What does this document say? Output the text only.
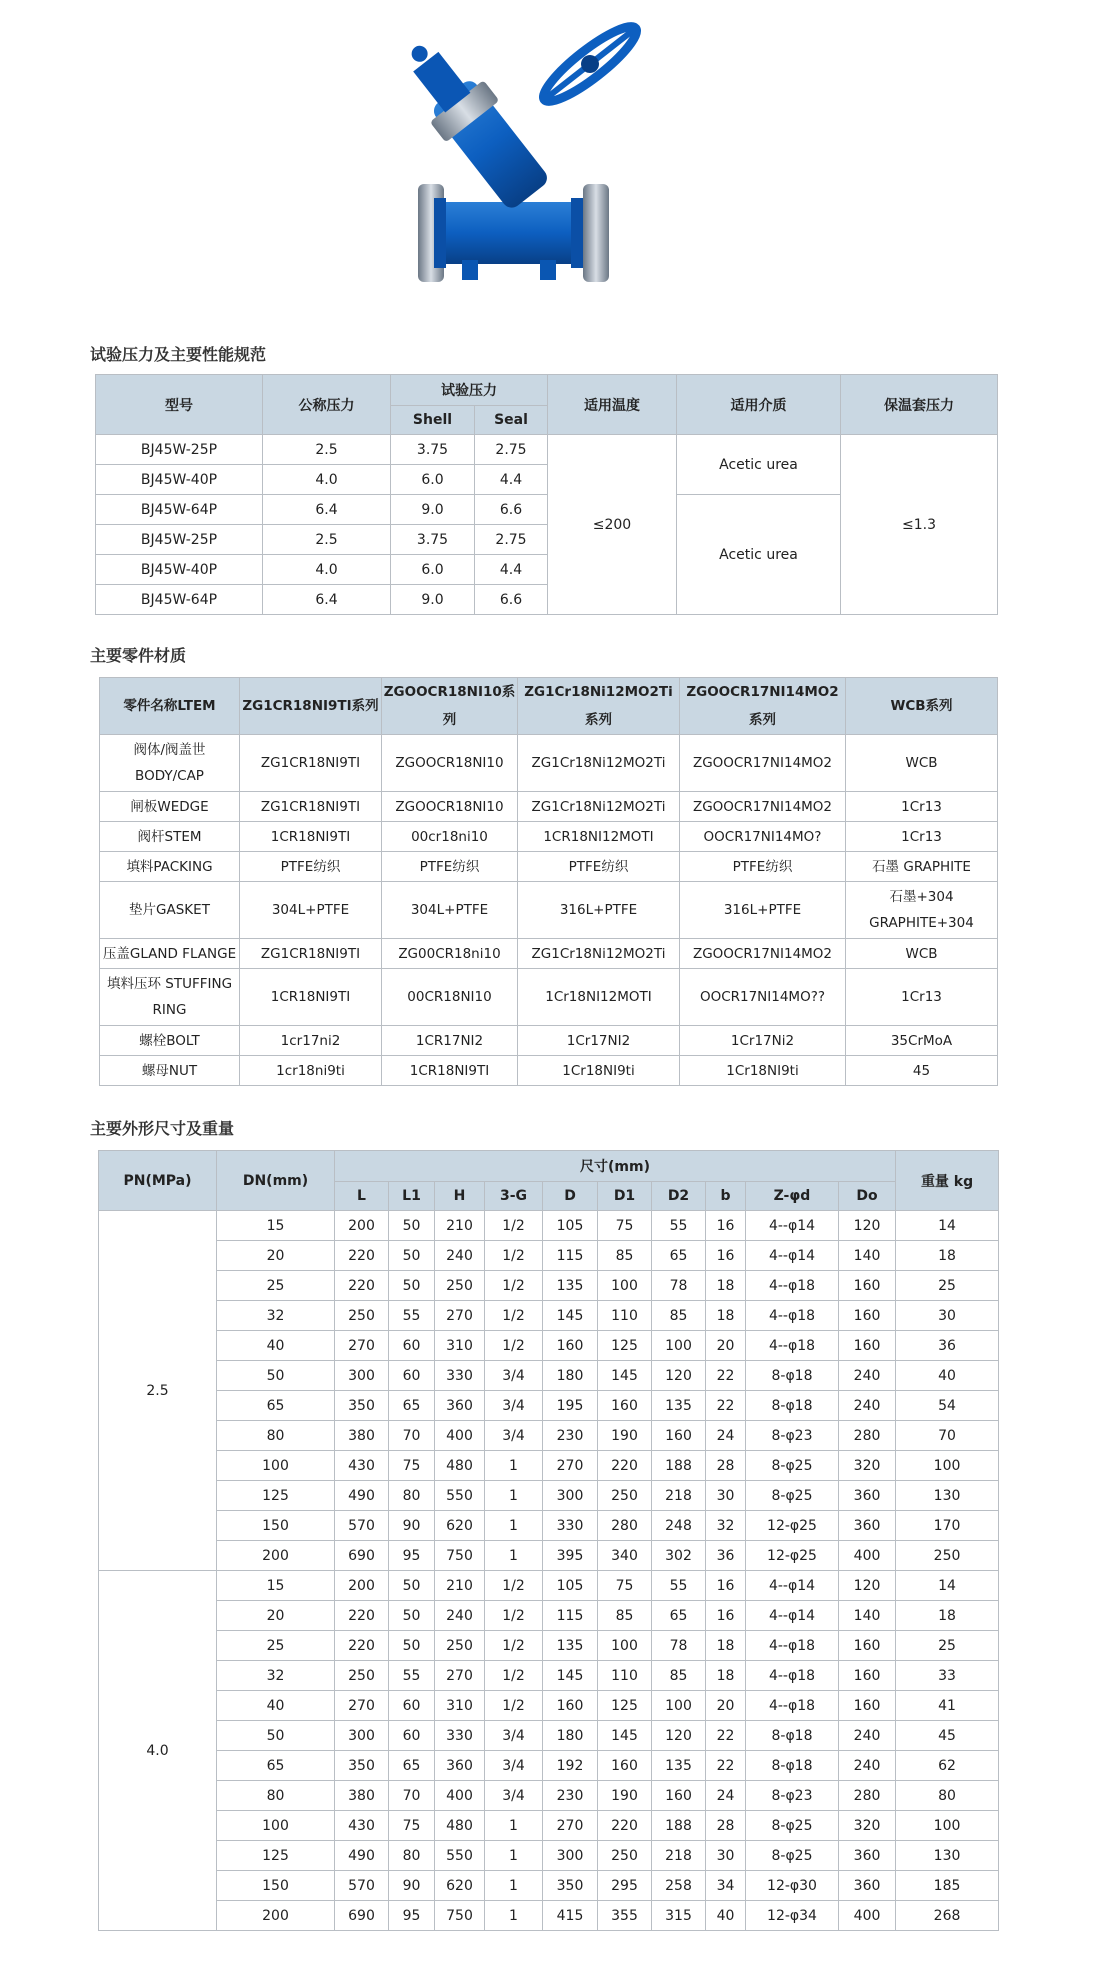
试验压力及主要性能规范
型号	公称压力	试验压力		适用温度	适用介质	保温套压力
		Shell	Seal			
BJ45W-25P	2.5	3.75	2.75	≤200	Acetic urea	≤1.3
BJ45W-40P	4.0	6.0	4.4			
BJ45W-64P	6.4	9.0	6.6		Acetic urea	
BJ45W-25P	2.5	3.75	2.75			
BJ45W-40P	4.0	6.0	4.4			
BJ45W-64P	6.4	9.0	6.6			
主要零件材质
零件名称LTEM	ZG1CR18NI9TI系列	ZGOOCR18NI10系列	ZG1Cr18Ni12MO2Ti系列	ZGOOCR17NI14MO2系列	WCB系列
阀体/阀盖世BODY/CAP	ZG1CR18NI9TI	ZGOOCR18NI10	ZG1Cr18Ni12MO2Ti	ZGOOCR17NI14MO2	WCB
闸板WEDGE	ZG1CR18NI9TI	ZGOOCR18NI10	ZG1Cr18Ni12MO2Ti	ZGOOCR17NI14MO2	1Cr13
阀杆STEM	1CR18NI9TI	00cr18ni10	1CR18NI12MOTI	OOCR17NI14MO?	1Cr13
填料PACKING	PTFE纺织	PTFE纺织	PTFE纺织	PTFE纺织	石墨 GRAPHITE
垫片GASKET	304L+PTFE	304L+PTFE	316L+PTFE	316L+PTFE	石墨+304 GRAPHITE+304
压盖GLAND FLANGE	ZG1CR18NI9TI	ZG00CR18ni10	ZG1Cr18Ni12MO2Ti	ZGOOCR17NI14MO2	WCB
填料压环 STUFFING RING	1CR18NI9TI	00CR18NI10	1Cr18NI12MOTI	OOCR17NI14MO??	1Cr13
螺栓BOLT	1cr17ni2	1CR17NI2	1Cr17NI2	1Cr17Ni2	35CrMoA
螺母NUT	1cr18ni9ti	1CR18NI9TI	1Cr18NI9ti	1Cr18NI9ti	45
主要外形尺寸及重量
PN(MPa)	DN(mm)	尺寸(mm)										重量 kg
		L	L1	H	3-G	D	D1	D2	b	Z-φd	Do	
2.5	15	200	50	210	1/2	105	75	55	16	4--φ14	120	14
	20	220	50	240	1/2	115	85	65	16	4--φ14	140	18
	25	220	50	250	1/2	135	100	78	18	4--φ18	160	25
	32	250	55	270	1/2	145	110	85	18	4--φ18	160	30
	40	270	60	310	1/2	160	125	100	20	4--φ18	160	36
	50	300	60	330	3/4	180	145	120	22	8-φ18	240	40
	65	350	65	360	3/4	195	160	135	22	8-φ18	240	54
	80	380	70	400	3/4	230	190	160	24	8-φ23	280	70
	100	430	75	480	1	270	220	188	28	8-φ25	320	100
	125	490	80	550	1	300	250	218	30	8-φ25	360	130
	150	570	90	620	1	330	280	248	32	12-φ25	360	170
	200	690	95	750	1	395	340	302	36	12-φ25	400	250
4.0	15	200	50	210	1/2	105	75	55	16	4--φ14	120	14
	20	220	50	240	1/2	115	85	65	16	4--φ14	140	18
	25	220	50	250	1/2	135	100	78	18	4--φ18	160	25
	32	250	55	270	1/2	145	110	85	18	4--φ18	160	33
	40	270	60	310	1/2	160	125	100	20	4--φ18	160	41
	50	300	60	330	3/4	180	145	120	22	8-φ18	240	45
	65	350	65	360	3/4	192	160	135	22	8-φ18	240	62
	80	380	70	400	3/4	230	190	160	24	8-φ23	280	80
	100	430	75	480	1	270	220	188	28	8-φ25	320	100
	125	490	80	550	1	300	250	218	30	8-φ25	360	130
	150	570	90	620	1	350	295	258	34	12-φ30	360	185
	200	690	95	750	1	415	355	315	40	12-φ34	400	268
